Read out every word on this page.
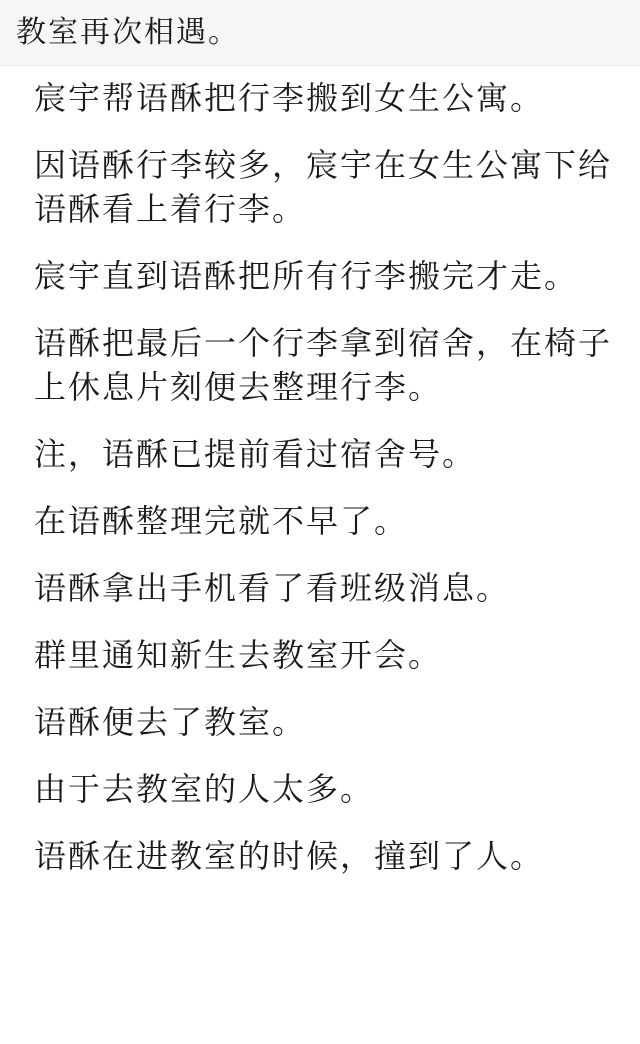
教室再次相遇。

宸宇帮语酥把行李搬到女生公寓。

因语酥行李较多，宸宇在女生公寓下给语酥看上着行李。

宸宇直到语酥把所有行李搬完才走。

语酥把最后一个行李拿到宿舍，在椅子上休息片刻便去整理行李。

注，语酥已提前看过宿舍号。

在语酥整理完就不早了。

语酥拿出手机看了看班级消息。

群里通知新生去教室开会。

语酥便去了教室。

由于去教室的人太多。

语酥在进教室的时候，撞到了人。
